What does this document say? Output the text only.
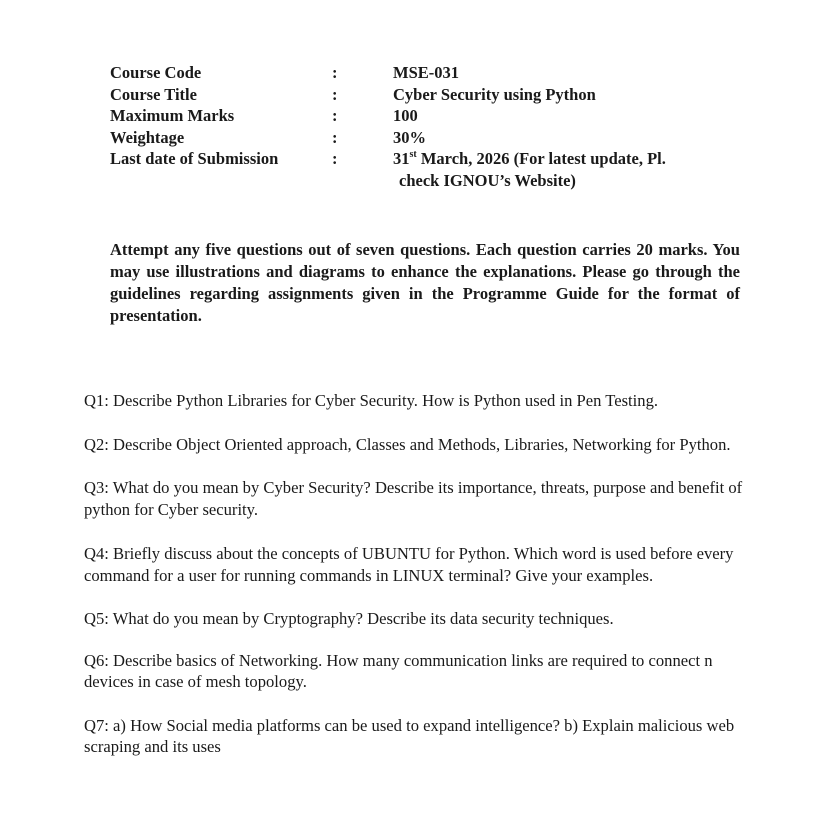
Course Code	:	MSE-031
Course Title	:	Cyber Security using Python
Maximum Marks	:	100
Weightage	:	30%
Last date of Submission	:	31st March, 2026 (For latest update, Pl.
check IGNOU’s Website)
Attempt any five questions out of seven questions. Each question carries 20 marks. You may use illustrations and diagrams to enhance the explanations. Please go through the guidelines regarding assignments given in the Programme Guide for the format of presentation.

Q1: Describe Python Libraries for Cyber Security. How is Python used in Pen Testing.

Q2: Describe Object Oriented approach, Classes and Methods, Libraries, Networking for Python.

Q3: What do you mean by Cyber Security? Describe its importance, threats, purpose and benefit of python for Cyber security.

Q4: Briefly discuss about the concepts of UBUNTU for Python. Which word is used before every command for a user for running commands in LINUX terminal? Give your examples.

Q5: What do you mean by Cryptography? Describe its data security techniques.

Q6: Describe basics of Networking. How many communication links are required to connect n devices in case of mesh topology.

Q7: a) How Social media platforms can be used to expand intelligence? b) Explain malicious web scraping and its uses
